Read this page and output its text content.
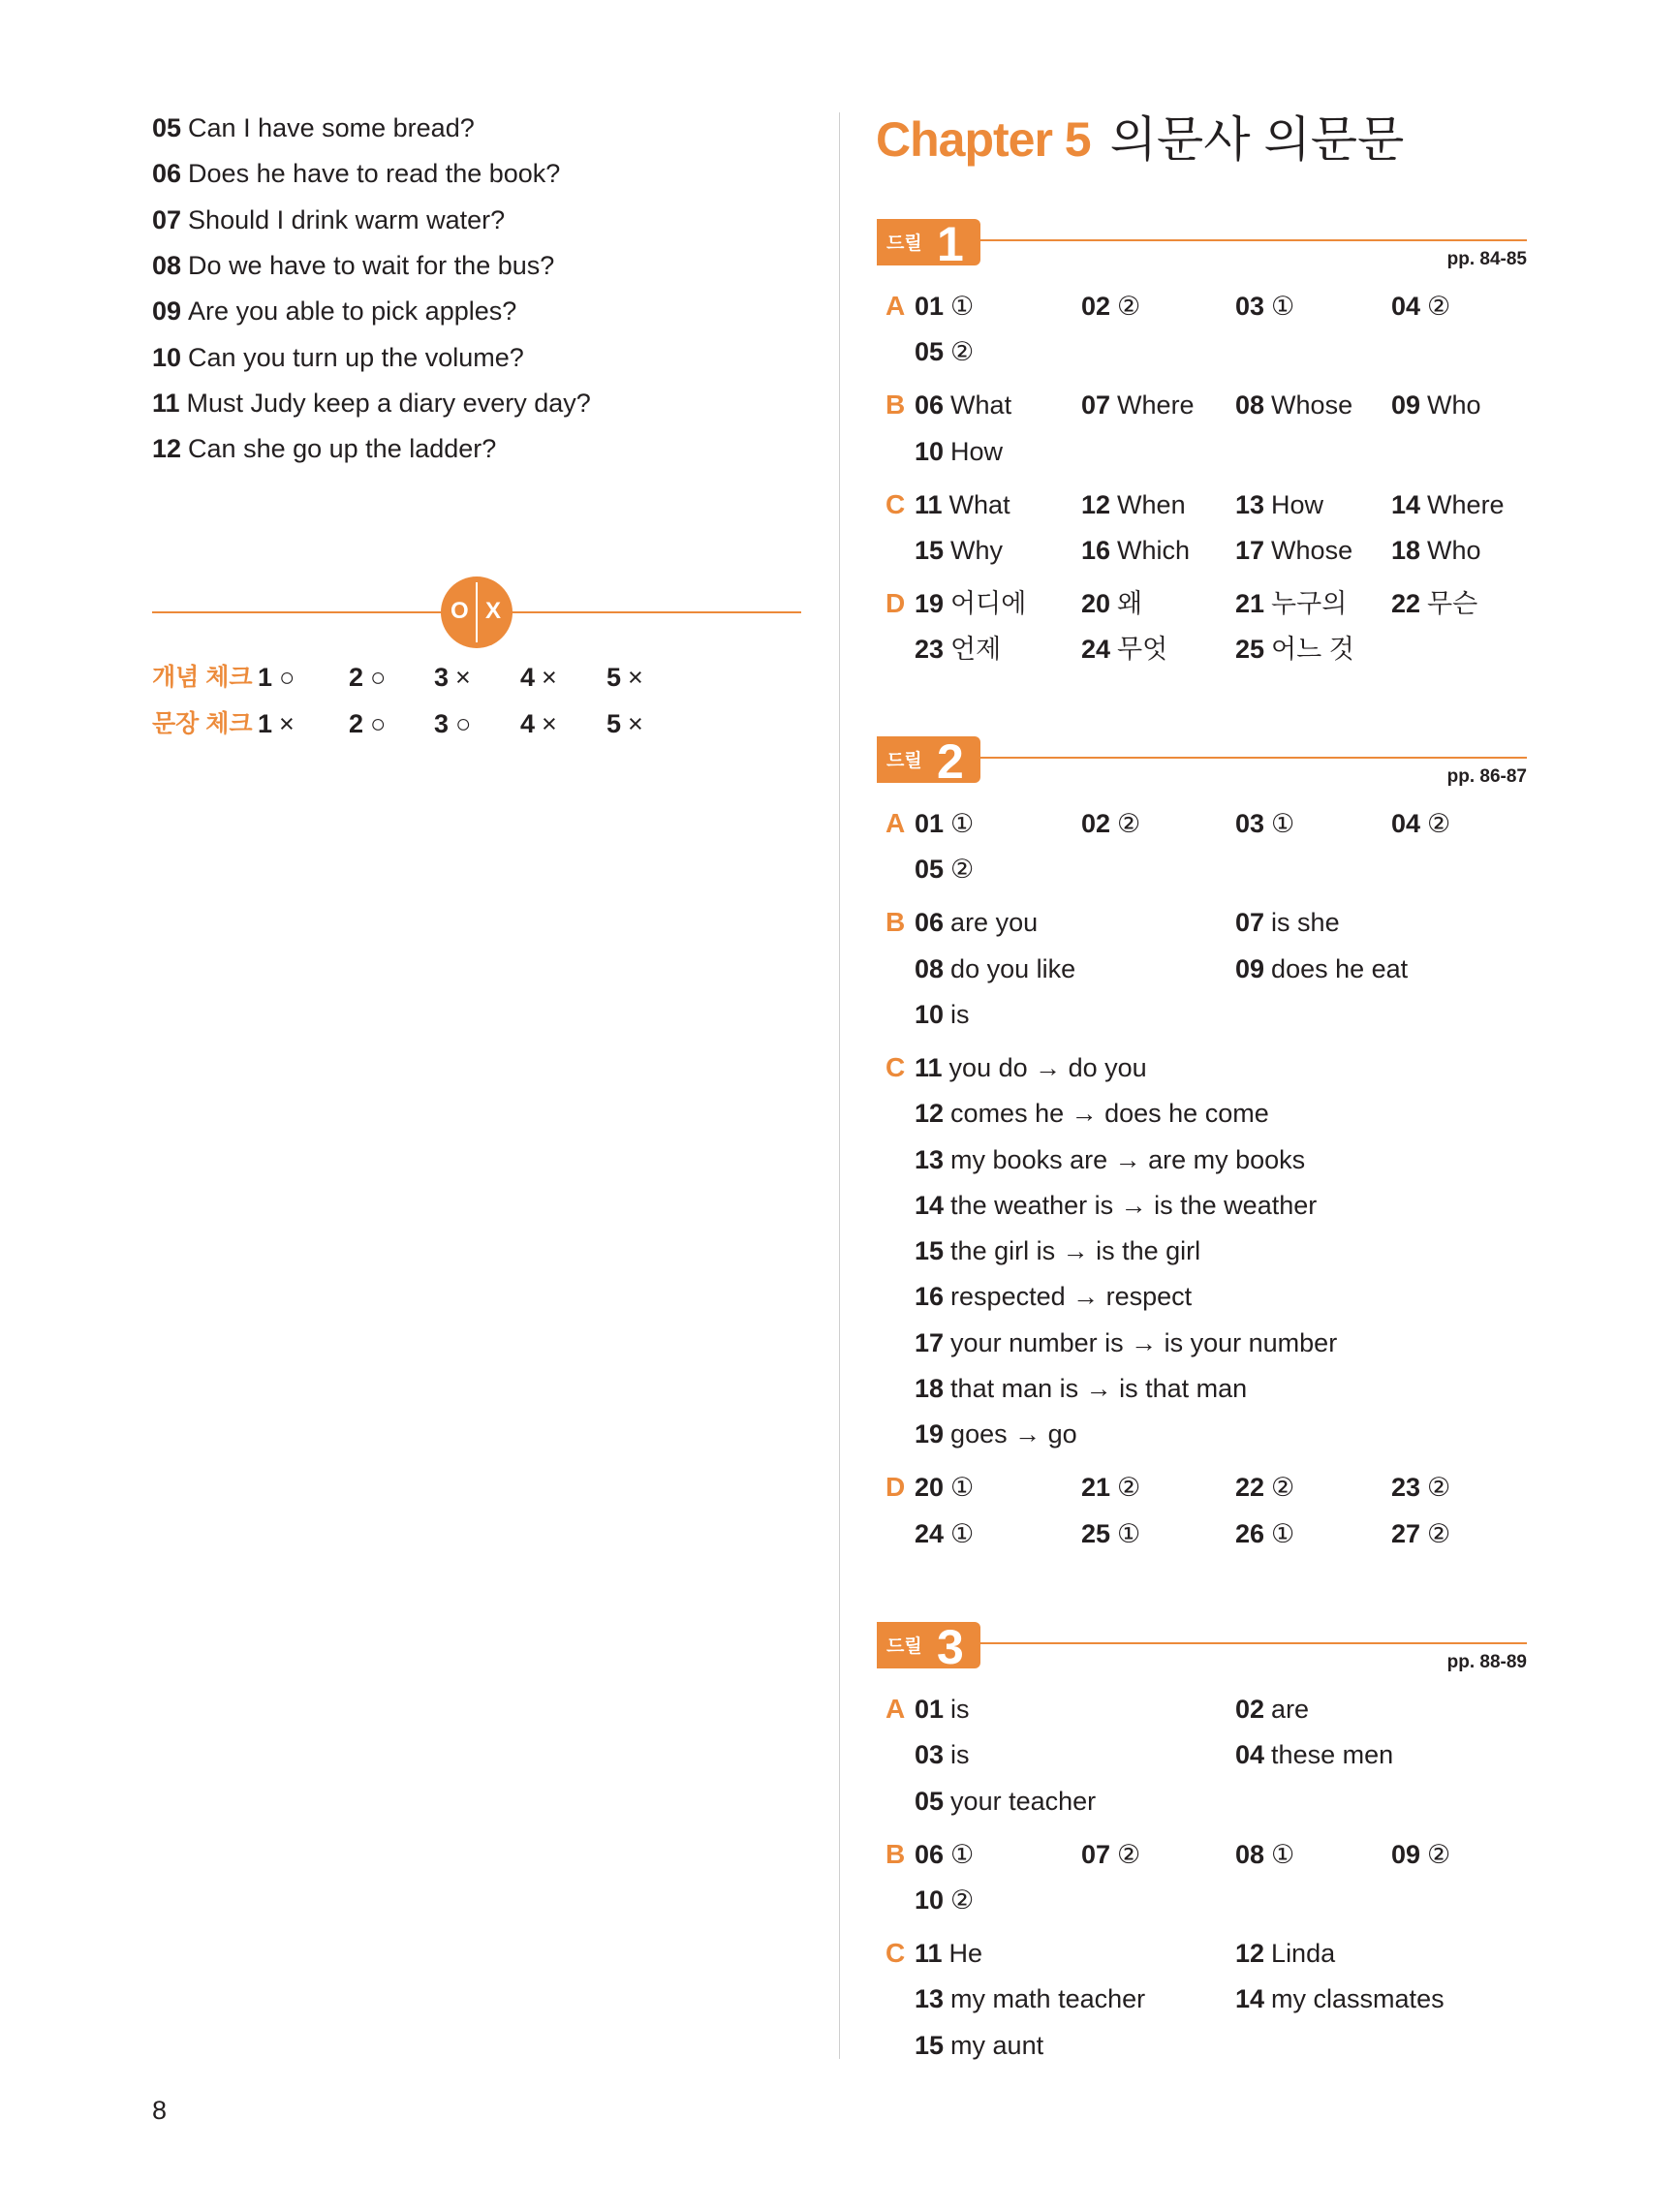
Chapter 5 의문사 의문문
O X
8
05 Can I have some bread?
06 Does he have to read the book?
07 Should I drink warm water?
08 Do we have to wait for the bus?
09 Are you able to pick apples?
10 Can you turn up the volume?
11 Must Judy keep a diary every day?
12 Can she go up the ladder?
개념 체크 1 ○ 2 ○ 3 × 4 × 5 ×
문장 체크 1 × 2 ○ 3 ○ 4 × 5 ×
드릴 1	pp. 84-85
A 01 ①	02 ②	03 ①	04 ②
05 ②
B 06 What	07 Where 08 Whose 09 Who
10 How
C 11 What	12 When 13 How	14 Where
15 Why	16 Which 17 Whose 18 Who
D 19 어디에 20 왜	21 누구의 22 무슨
23 언제	24 무엇	25 어느 것
드릴 2	pp. 86-87
A 01 ①	02 ②	03 ①	04 ②
05 ②
B 06 are you	07 is she
08 do you like	09 does he eat
10 is
C 11 you do → do you
12 comes he → does he come
13 my books are → are my books
14 the weather is → is the weather
15 the girl is → is the girl
16 respected → respect
17 your number is → is your number
18 that man is → is that man
19 goes → go
D 20 ①	21 ②	22 ②	23 ②
24 ①	25 ①	26 ①	27 ②
드릴 3	pp. 88-89
A 01 is	02 are
03 is	04 these men
05 your teacher
B 06 ①	07 ②	08 ①	09 ②
10 ②
C 11 He	12 Linda
13 my math teacher	14 my classmates
15 my aunt
